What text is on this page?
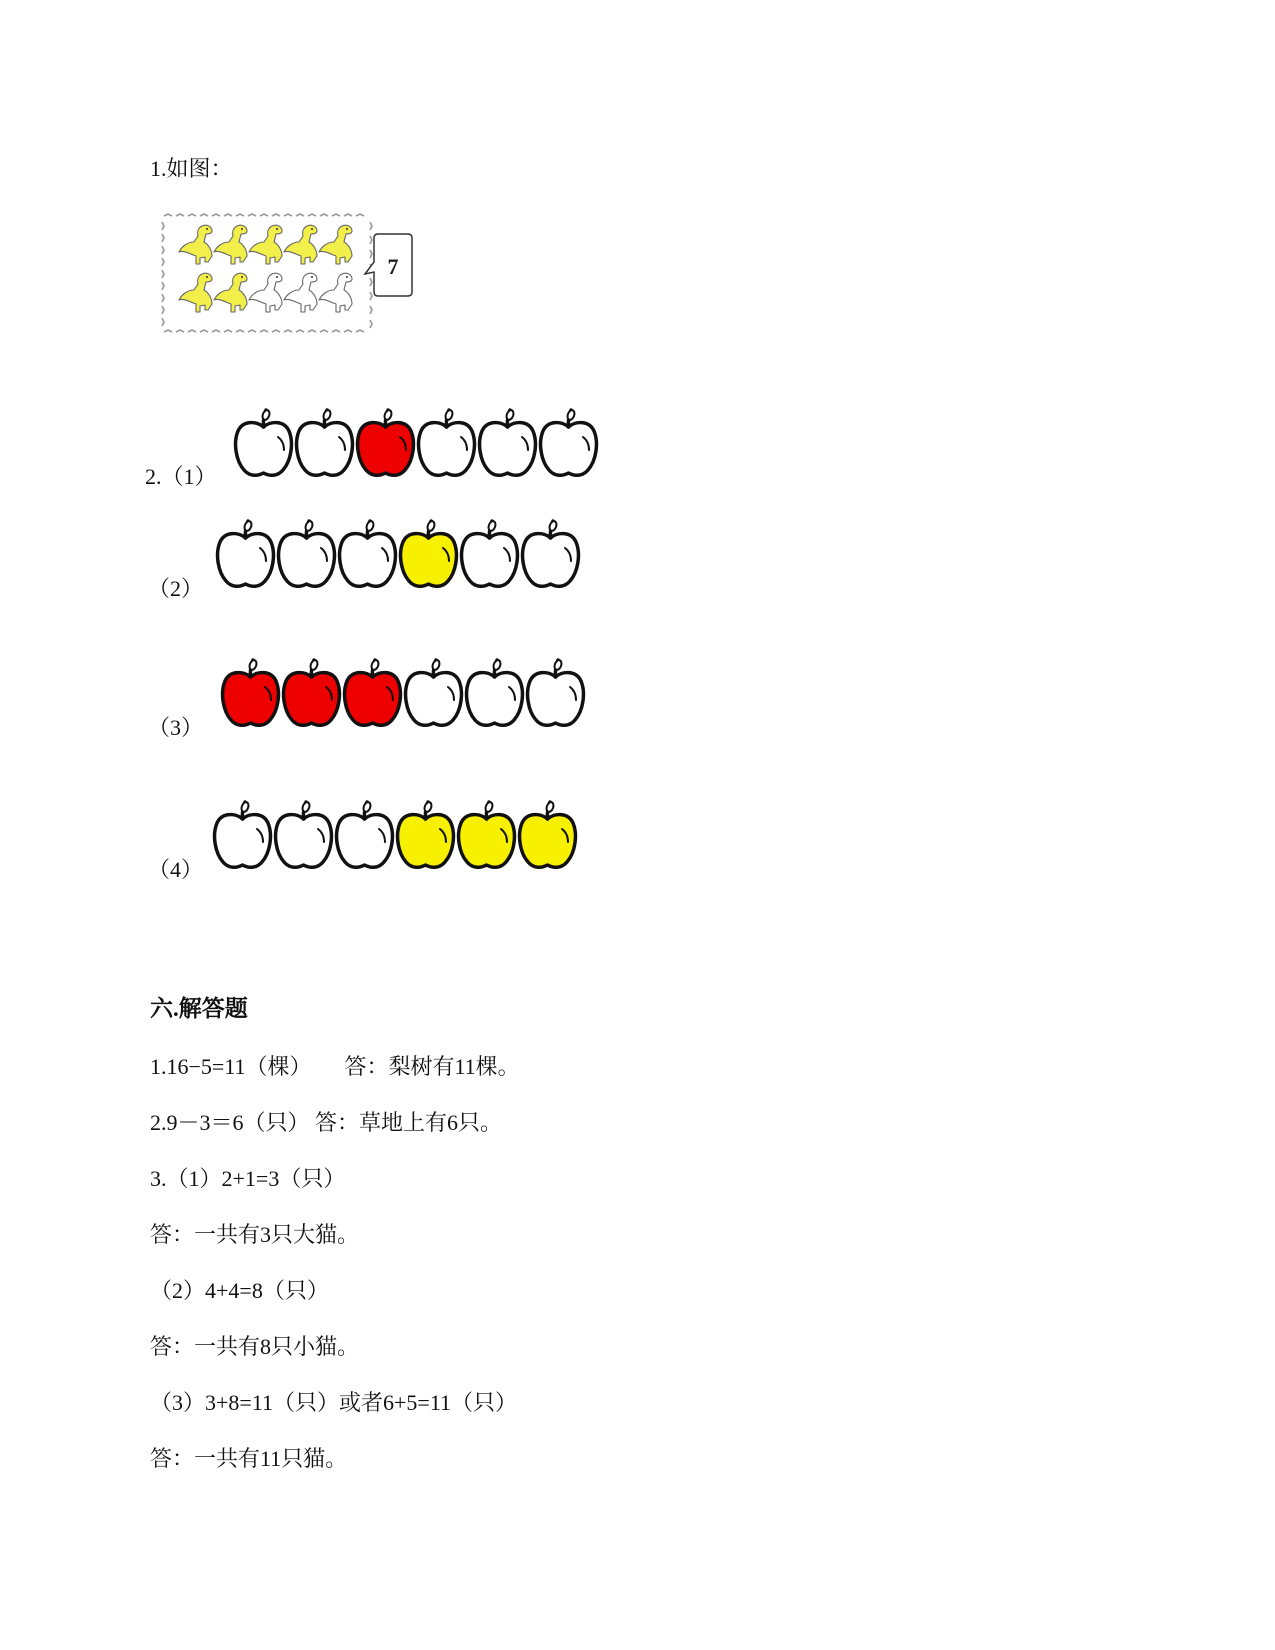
1.如图：
7
2.（1）
（2）
（3）
（4）
六.解答题
1.16−5=11（棵）　　答：梨树有11棵。
2.9－3＝6（只） 答：草地上有6只。
3.（1）2+1=3（只）
答：一共有3只大猫。
（2）4+4=8（只）
答：一共有8只小猫。
（3）3+8=11（只）或者6+5=11（只）
答：一共有11只猫。
